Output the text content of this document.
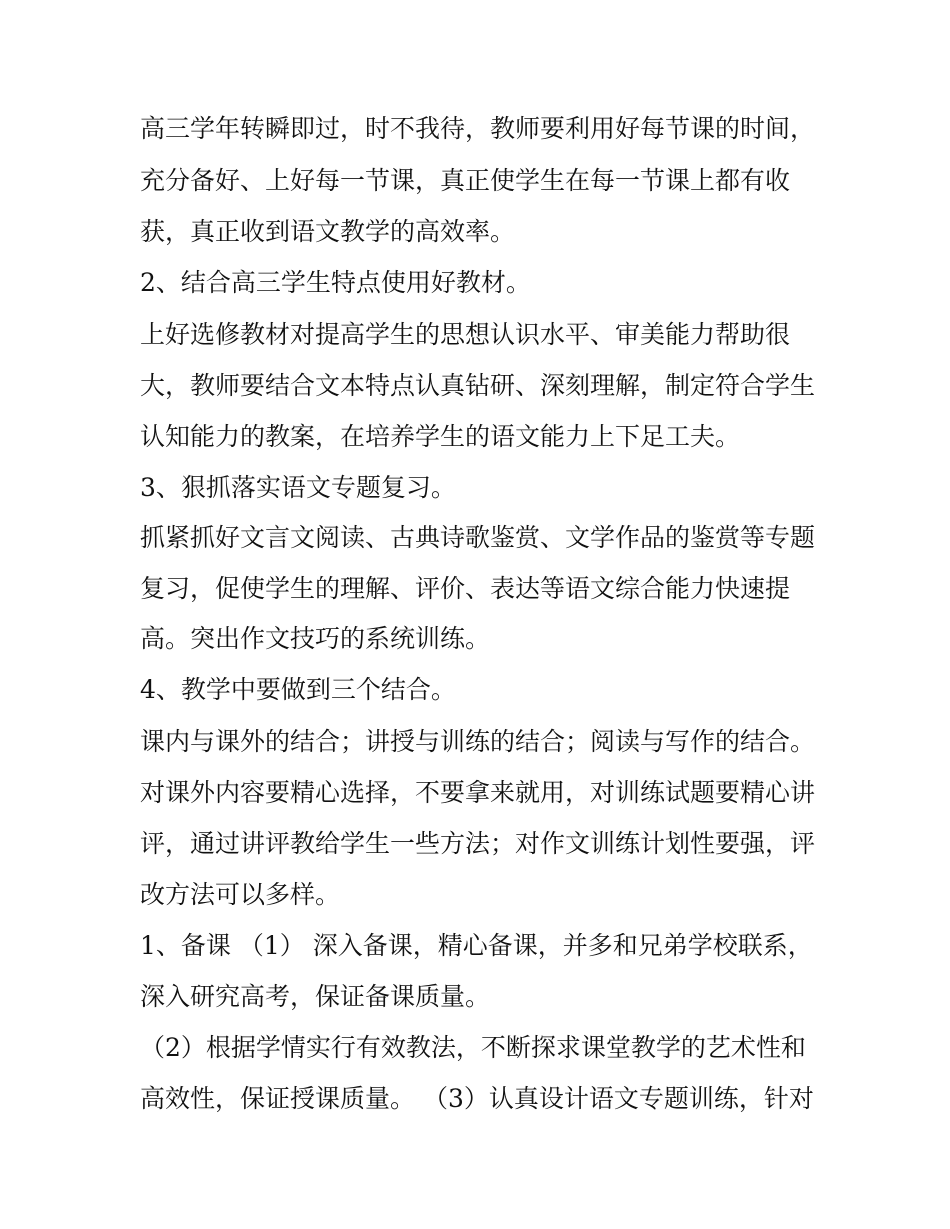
高三学年转瞬即过，时不我待，教师要利用好每节课的时间，

充分备好、上好每一节课，真正使学生在每一节课上都有收

获，真正收到语文教学的高效率。

2、结合高三学生特点使用好教材。

上好选修教材对提高学生的思想认识水平、审美能力帮助很

大，教师要结合文本特点认真钻研、深刻理解，制定符合学生

认知能力的教案，在培养学生的语文能力上下足工夫。

3、狠抓落实语文专题复习。

抓紧抓好文言文阅读、古典诗歌鉴赏、文学作品的鉴赏等专题

复习，促使学生的理解、评价、表达等语文综合能力快速提

高。突出作文技巧的系统训练。

4、教学中要做到三个结合。

课内与课外的结合；讲授与训练的结合；阅读与写作的结合。

对课外内容要精心选择，不要拿来就用，对训练试题要精心讲

评，通过讲评教给学生一些方法；对作文训练计划性要强，评

改方法可以多样。

1、备课 （1） 深入备课，精心备课，并多和兄弟学校联系，

深入研究高考，保证备课质量。

（2）根据学情实行有效教法，不断探求课堂教学的艺术性和

高效性，保证授课质量。 （3）认真设计语文专题训练，针对
